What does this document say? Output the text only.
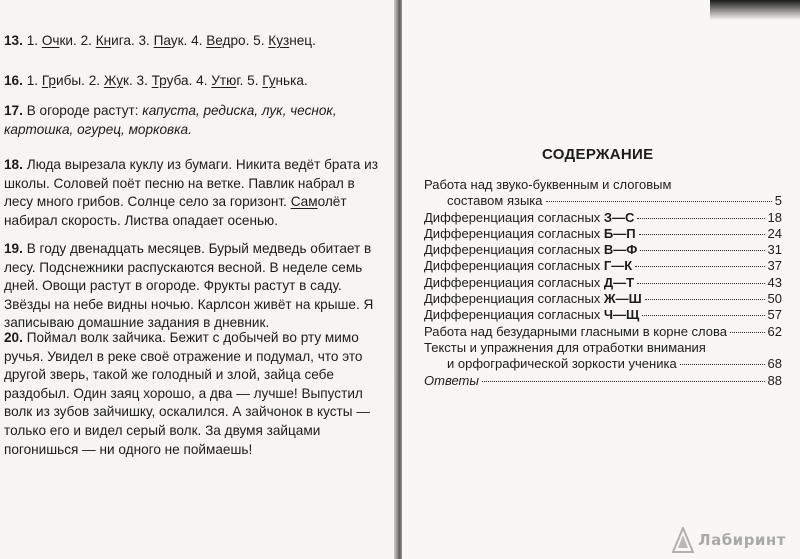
13. 1. Очки. 2. Книга. 3. Паук. 4. Ведро. 5. Кузнец.

16. 1. Грибы. 2. Жук. 3. Труба. 4. Утюг. 5. Гунька.

17. В огороде растут: капуста, редиска, лук, чеснок, картошка, огурец, морковка.

18. Люда вырезала куклу из бумаги. Никита ведёт брата из школы. Соловей поёт песню на ветке. Павлик набрал в лесу много грибов. Солнце село за горизонт. Самолёт набирал скорость. Листва опадает осенью.

19. В году двенадцать месяцев. Бурый медведь обитает в лесу. Подснежники распускаются весной. В неделе семь дней. Овощи растут в огороде. Фрукты растут в саду. Звёзды на небе видны ночью. Карлсон живёт на крыше. Я записываю домашние задания в дневник.

20. Поймал волк зайчика. Бежит с добычей во рту мимо ручья. Увидел в реке своё отражение и подумал, что это другой зверь, такой же голодный и злой, зайца себе раздобыл. Один заяц хорошо, а два — лучше! Выпустил волк из зубов зайчишку, оскалился. А зайчонок в кусты — только его и видел серый волк. За двумя зайцами погонишься — ни одного не поймаешь!

СОДЕРЖАНИЕ
Работа над звуко-буквенным и слоговым
составом языка	5
Дифференциация согласных З—С	18
Дифференциация согласных Б—П	24
Дифференциация согласных В—Ф	31
Дифференциация согласных Г—К	37
Дифференциация согласных Д—Т	43
Дифференциация согласных Ж—Ш	50
Дифференциация согласных Ч—Щ	57
Работа над безударными гласными в корне слова	62
Тексты и упражнения для отработки внимания
и орфографической зоркости ученика	68
Ответы	88
Лабиринт
